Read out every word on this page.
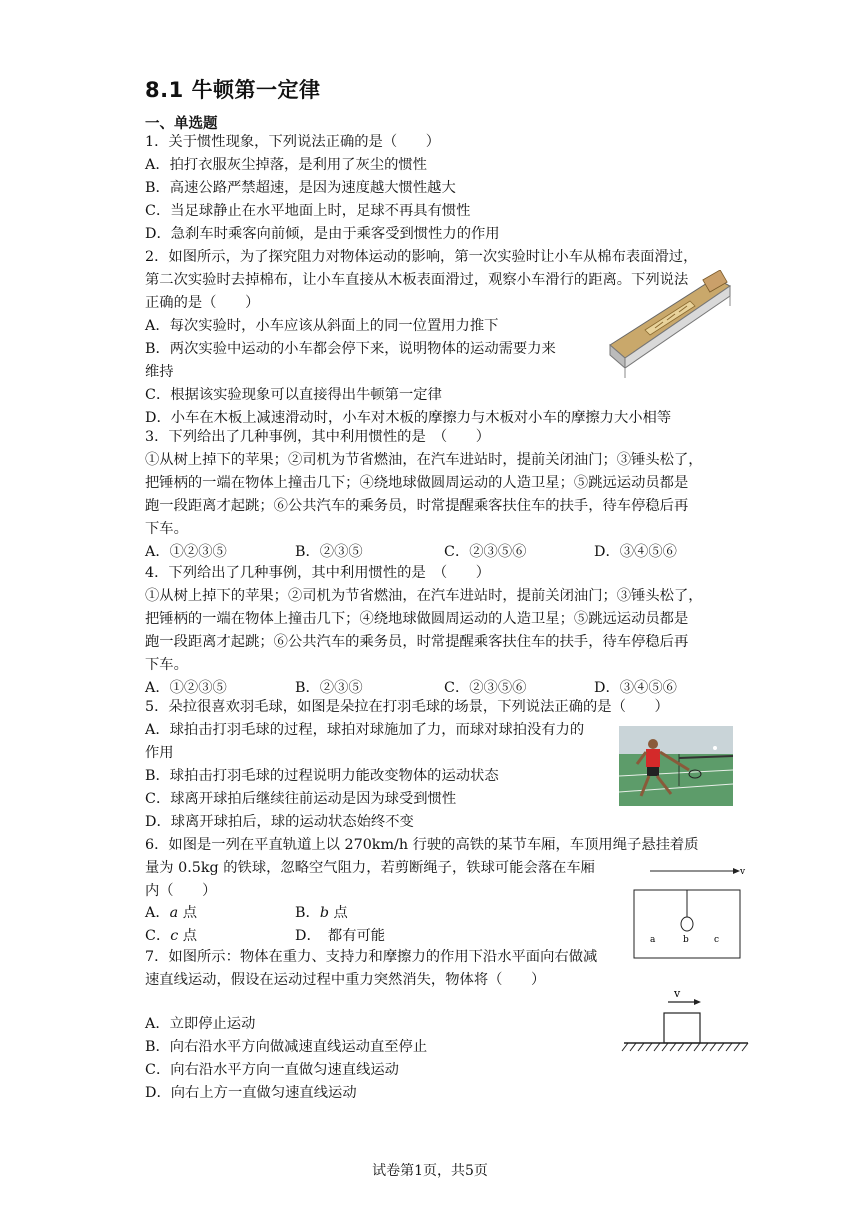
8.1 牛顿第一定律
一、单选题
1．关于惯性现象，下列说法正确的是（　　）
A．拍打衣服灰尘掉落，是利用了灰尘的惯性
B．高速公路严禁超速，是因为速度越大惯性越大
C．当足球静止在水平地面上时，足球不再具有惯性
D．急刹车时乘客向前倾，是由于乘客受到惯性力的作用
2．如图所示，为了探究阻力对物体运动的影响，第一次实验时让小车从棉布表面滑过，
第二次实验时去掉棉布，让小车直接从木板表面滑过，观察小车滑行的距离。下列说法
正确的是（　　）
A．每次实验时，小车应该从斜面上的同一位置用力推下
B．两次实验中运动的小车都会停下来，说明物体的运动需要力来
维持
C．根据该实验现象可以直接得出牛顿第一定律
D．小车在木板上减速滑动时，小车对木板的摩擦力与木板对小车的摩擦力大小相等
3．下列给出了几种事例，其中利用惯性的是　（　　）
①从树上掉下的苹果；②司机为节省燃油，在汽车进站时，提前关闭油门；③锤头松了，
把锤柄的一端在物体上撞击几下；④绕地球做圆周运动的人造卫星；⑤跳远运动员都是
跑一段距离才起跳；⑥公共汽车的乘务员，时常提醒乘客扶住车的扶手，待车停稳后再
下车。
A．①②③⑤	B．②③⑤	C．②③⑤⑥	D．③④⑤⑥
4．下列给出了几种事例，其中利用惯性的是　（　　）
①从树上掉下的苹果；②司机为节省燃油，在汽车进站时，提前关闭油门；③锤头松了，
把锤柄的一端在物体上撞击几下；④绕地球做圆周运动的人造卫星；⑤跳远运动员都是
跑一段距离才起跳；⑥公共汽车的乘务员，时常提醒乘客扶住车的扶手，待车停稳后再
下车。
A．①②③⑤	B．②③⑤	C．②③⑤⑥	D．③④⑤⑥
5．朵拉很喜欢羽毛球，如图是朵拉在打羽毛球的场景，下列说法正确的是（　　）
A．球拍击打羽毛球的过程，球拍对球施加了力，而球对球拍没有力的
作用
B．球拍击打羽毛球的过程说明力能改变物体的运动状态
C．球离开球拍后继续往前运动是因为球受到惯性
D．球离开球拍后，球的运动状态始终不变
6．如图是一列在平直轨道上以 270km/h 行驶的高铁的某节车厢，车顶用绳子悬挂着质
量为 0.5kg 的铁球，忽略空气阻力，若剪断绳子，铁球可能会落在车厢
内（　　）
A．a 点	B．b 点
C．c 点	D．　都有可能
v
a	b	c
7．如图所示：物体在重力、支持力和摩擦力的作用下沿水平面向右做减
速直线运动，假设在运动过程中重力突然消失，物体将（　　）
A．立即停止运动
B．向右沿水平方向做减速直线运动直至停止
C．向右沿水平方向一直做匀速直线运动
D．向右上方一直做匀速直线运动
v
试卷第1页，共5页
